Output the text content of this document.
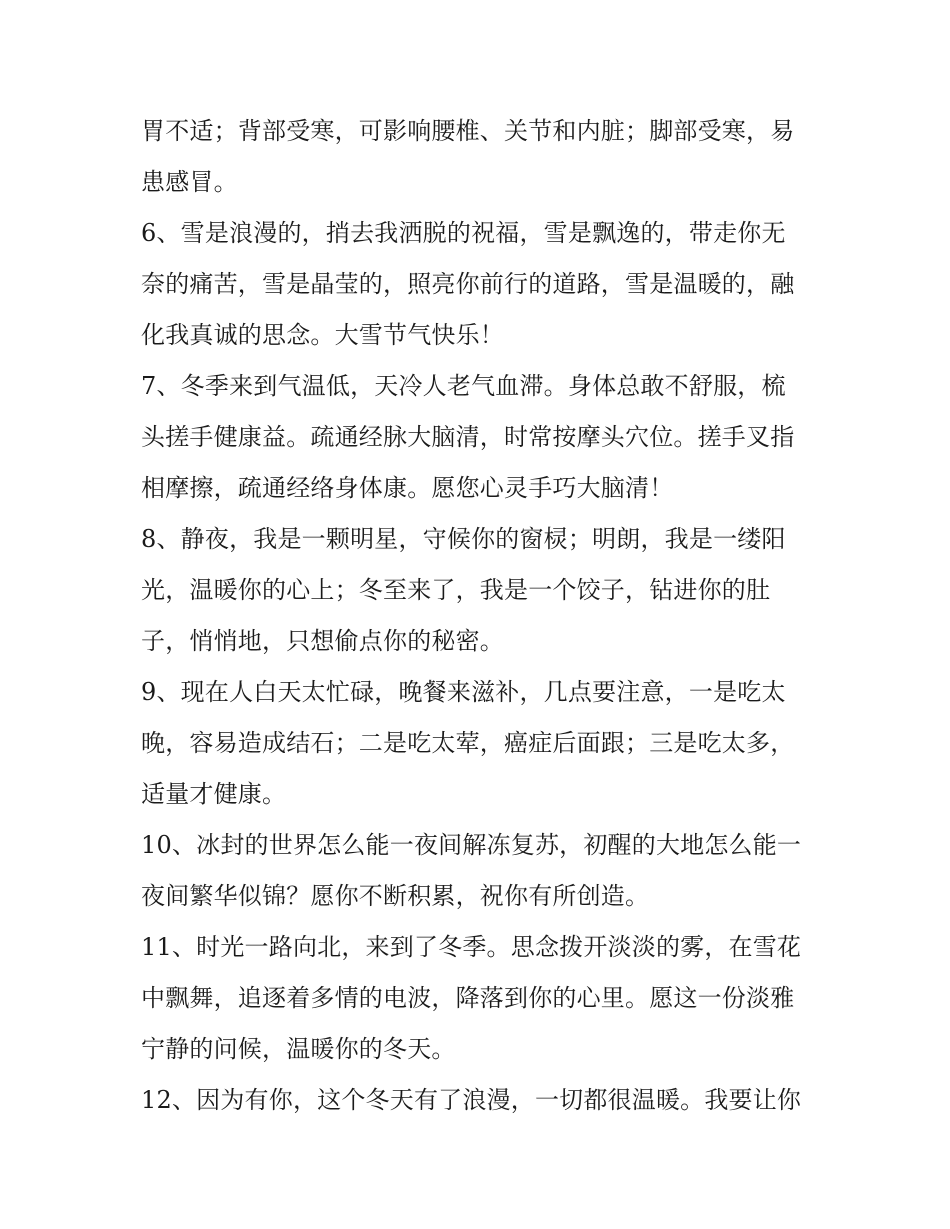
胃不适；背部受寒，可影响腰椎、关节和内脏；脚部受寒，易
患感冒。
6、雪是浪漫的，捎去我洒脱的祝福，雪是飘逸的，带走你无
奈的痛苦，雪是晶莹的，照亮你前行的道路，雪是温暖的，融
化我真诚的思念。大雪节气快乐！
7、冬季来到气温低，天冷人老气血滞。身体总敢不舒服，梳
头搓手健康益。疏通经脉大脑清，时常按摩头穴位。搓手叉指
相摩擦，疏通经络身体康。愿您心灵手巧大脑清！
8、静夜，我是一颗明星，守候你的窗棂；明朗，我是一缕阳
光，温暖你的心上；冬至来了，我是一个饺子，钻进你的肚
子，悄悄地，只想偷点你的秘密。
9、现在人白天太忙碌，晚餐来滋补，几点要注意，一是吃太
晚，容易造成结石；二是吃太荤，癌症后面跟；三是吃太多，
适量才健康。
10、冰封的世界怎么能一夜间解冻复苏，初醒的大地怎么能一
夜间繁华似锦？愿你不断积累，祝你有所创造。
11、时光一路向北，来到了冬季。思念拨开淡淡的雾，在雪花
中飘舞，追逐着多情的电波，降落到你的心里。愿这一份淡雅
宁静的问候，温暖你的冬天。
12、因为有你，这个冬天有了浪漫，一切都很温暖。我要让你
